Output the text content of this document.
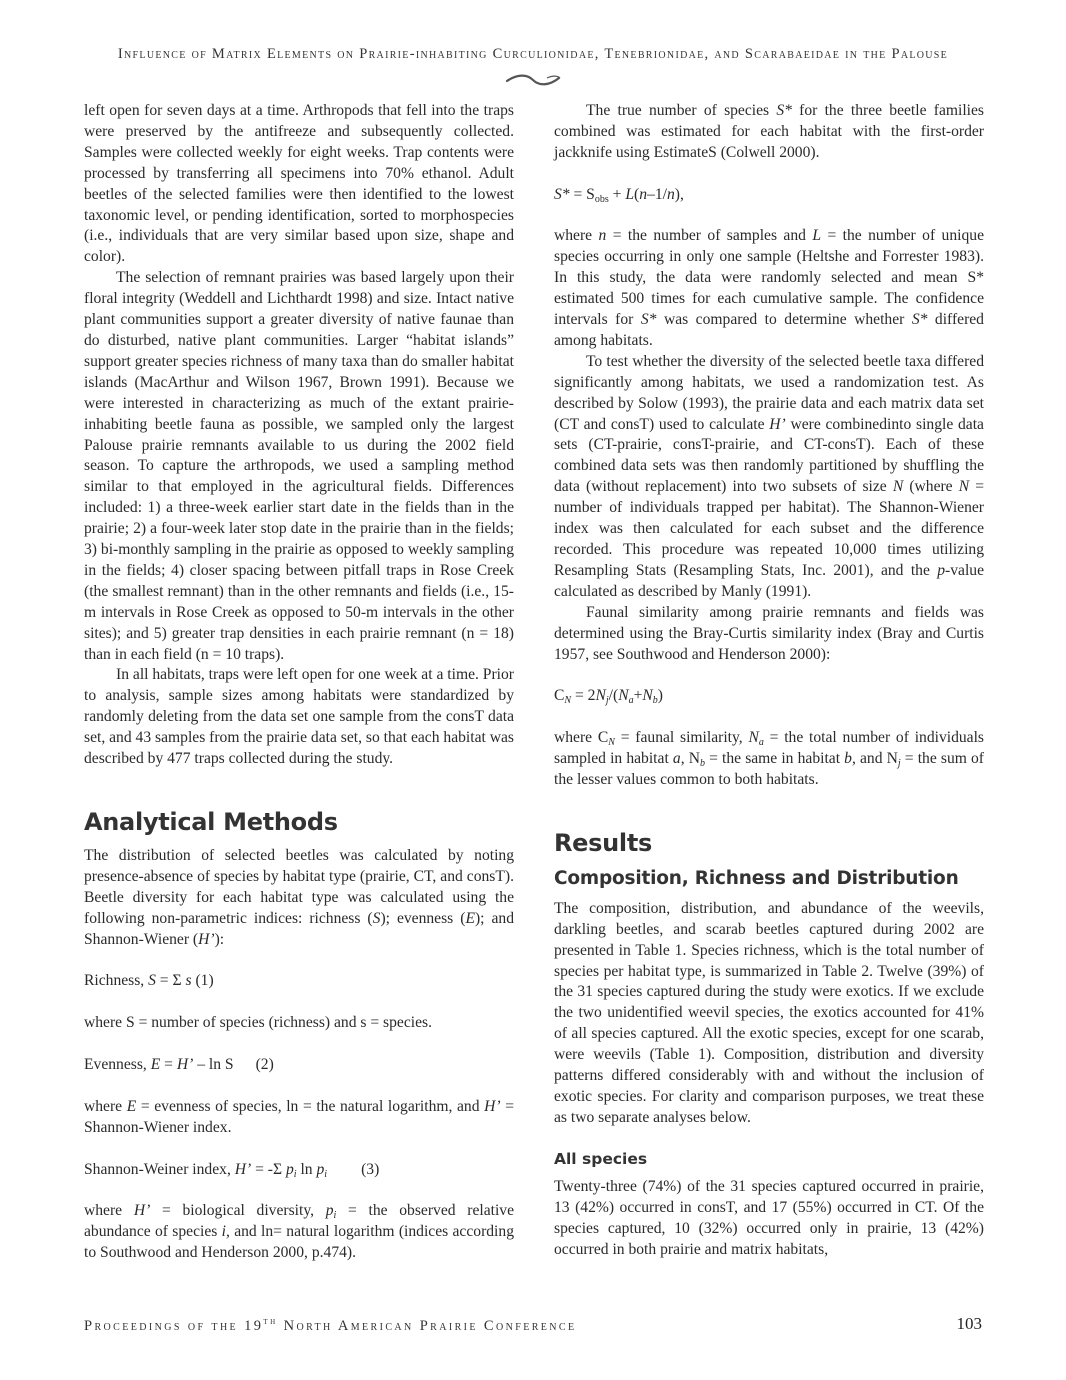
Influence of Matrix Elements on Prairie-inhabiting Curculionidae, Tenebrionidae, and Scarabaeidae in the Palouse

left open for seven days at a time. Arthropods that fell into the traps were preserved by the antifreeze and subsequently collected. Samples were collected weekly for eight weeks. Trap contents were processed by transferring all specimens into 70% ethanol. Adult beetles of the selected families were then identified to the lowest taxonomic level, or pending identification, sorted to morphospecies (i.e., individuals that are very similar based upon size, shape and color).

The selection of remnant prairies was based largely upon their floral integrity (Weddell and Lichthardt 1998) and size. Intact native plant communities support a greater diversity of native faunae than do disturbed, native plant communities. Larger “habitat islands” support greater species richness of many taxa than do smaller habitat islands (MacArthur and Wilson 1967, Brown 1991). Because we were interested in characterizing as much of the extant prairie-inhabiting beetle fauna as possible, we sampled only the largest Palouse prairie remnants available to us during the 2002 field season. To capture the arthropods, we used a sampling method similar to that employed in the agricultural fields. Differences included: 1) a three-week earlier start date in the fields than in the prairie; 2) a four-week later stop date in the prairie than in the fields; 3) bi-monthly sampling in the prairie as opposed to weekly sampling in the fields; 4) closer spacing between pitfall traps in Rose Creek (the smallest remnant) than in the other remnants and fields (i.e., 15-m intervals in Rose Creek as opposed to 50-m intervals in the other sites); and 5) greater trap densities in each prairie remnant (n = 18) than in each field (n = 10 traps).

In all habitats, traps were left open for one week at a time. Prior to analysis, sample sizes among habitats were standardized by randomly deleting from the data set one sample from the consT data set, and 43 samples from the prairie data set, so that each habitat was described by 477 traps collected during the study.

Analytical Methods

The distribution of selected beetles was calculated by noting presence-absence of species by habitat type (prairie, CT, and consT). Beetle diversity for each habitat type was calculated using the following non-parametric indices: richness (S); evenness (E); and Shannon-Wiener (H’):

Richness, S = Σ s (1)

where S = number of species (richness) and s = species.

Evenness, E = H’ – ln S (2)

where E = evenness of species, ln = the natural logarithm, and H’ = Shannon-Wiener index.

Shannon-Weiner index, H’ = -Σ $p_i$ $\ln p_i$ (3)

where H’ = biological diversity, $p_i$ = the observed relative abundance of species i, and ln= natural logarithm (indices according to Southwood and Henderson 2000, p.474).

The true number of species S* for the three beetle families combined was estimated for each habitat with the first-order jackknife using EstimateS (Colwell 2000).

$S* = S_{obs} + L(n-1/n)$,

where n = the number of samples and L = the number of unique species occurring in only one sample (Heltshe and Forrester 1983). In this study, the data were randomly selected and mean S* estimated 500 times for each cumulative sample. The confidence intervals for S* was compared to determine whether S* differed among habitats.

To test whether the diversity of the selected beetle taxa differed significantly among habitats, we used a randomization test. As described by Solow (1993), the prairie data and each matrix data set (CT and consT) used to calculate H’ were combinedinto single data sets (CT-prairie, consT-prairie, and CT-consT). Each of these combined data sets was then randomly partitioned by shuffling the data (without replacement) into two subsets of size N (where N = number of individuals trapped per habitat). The Shannon-Wiener index was then calculated for each subset and the difference recorded. This procedure was repeated 10,000 times utilizing Resampling Stats (Resampling Stats, Inc. 2001), and the p-value calculated as described by Manly (1991).

Faunal similarity among prairie remnants and fields was determined using the Bray-Curtis similarity index (Bray and Curtis 1957, see Southwood and Henderson 2000):

$C_N = 2N_j/(N_a+N_b)$

where $C_N$ = faunal similarity, $N_a$ = the total number of individuals sampled in habitat a, $N_b$ = the same in habitat b, and $N_j$ = the sum of the lesser values common to both habitats.

Results
Composition, Richness and Distribution

The composition, distribution, and abundance of the weevils, darkling beetles, and scarab beetles captured during 2002 are presented in Table 1. Species richness, which is the total number of species per habitat type, is summarized in Table 2. Twelve (39%) of the 31 species captured during the study were exotics. If we exclude the two unidentified weevil species, the exotics accounted for 41% of all species captured. All the exotic species, except for one scarab, were weevils (Table 1). Composition, distribution and diversity patterns differed considerably with and without the inclusion of exotic species. For clarity and comparison purposes, we treat these as two separate analyses below.

All species

Twenty-three (74%) of the 31 species captured occurred in prairie, 13 (42%) occurred in consT, and 17 (55%) occurred in CT. Of the species captured, 10 (32%) occurred only in prairie, 13 (42%) occurred in both prairie and matrix habitats,

Proceedings of the 19th North American Prairie Conference	103
